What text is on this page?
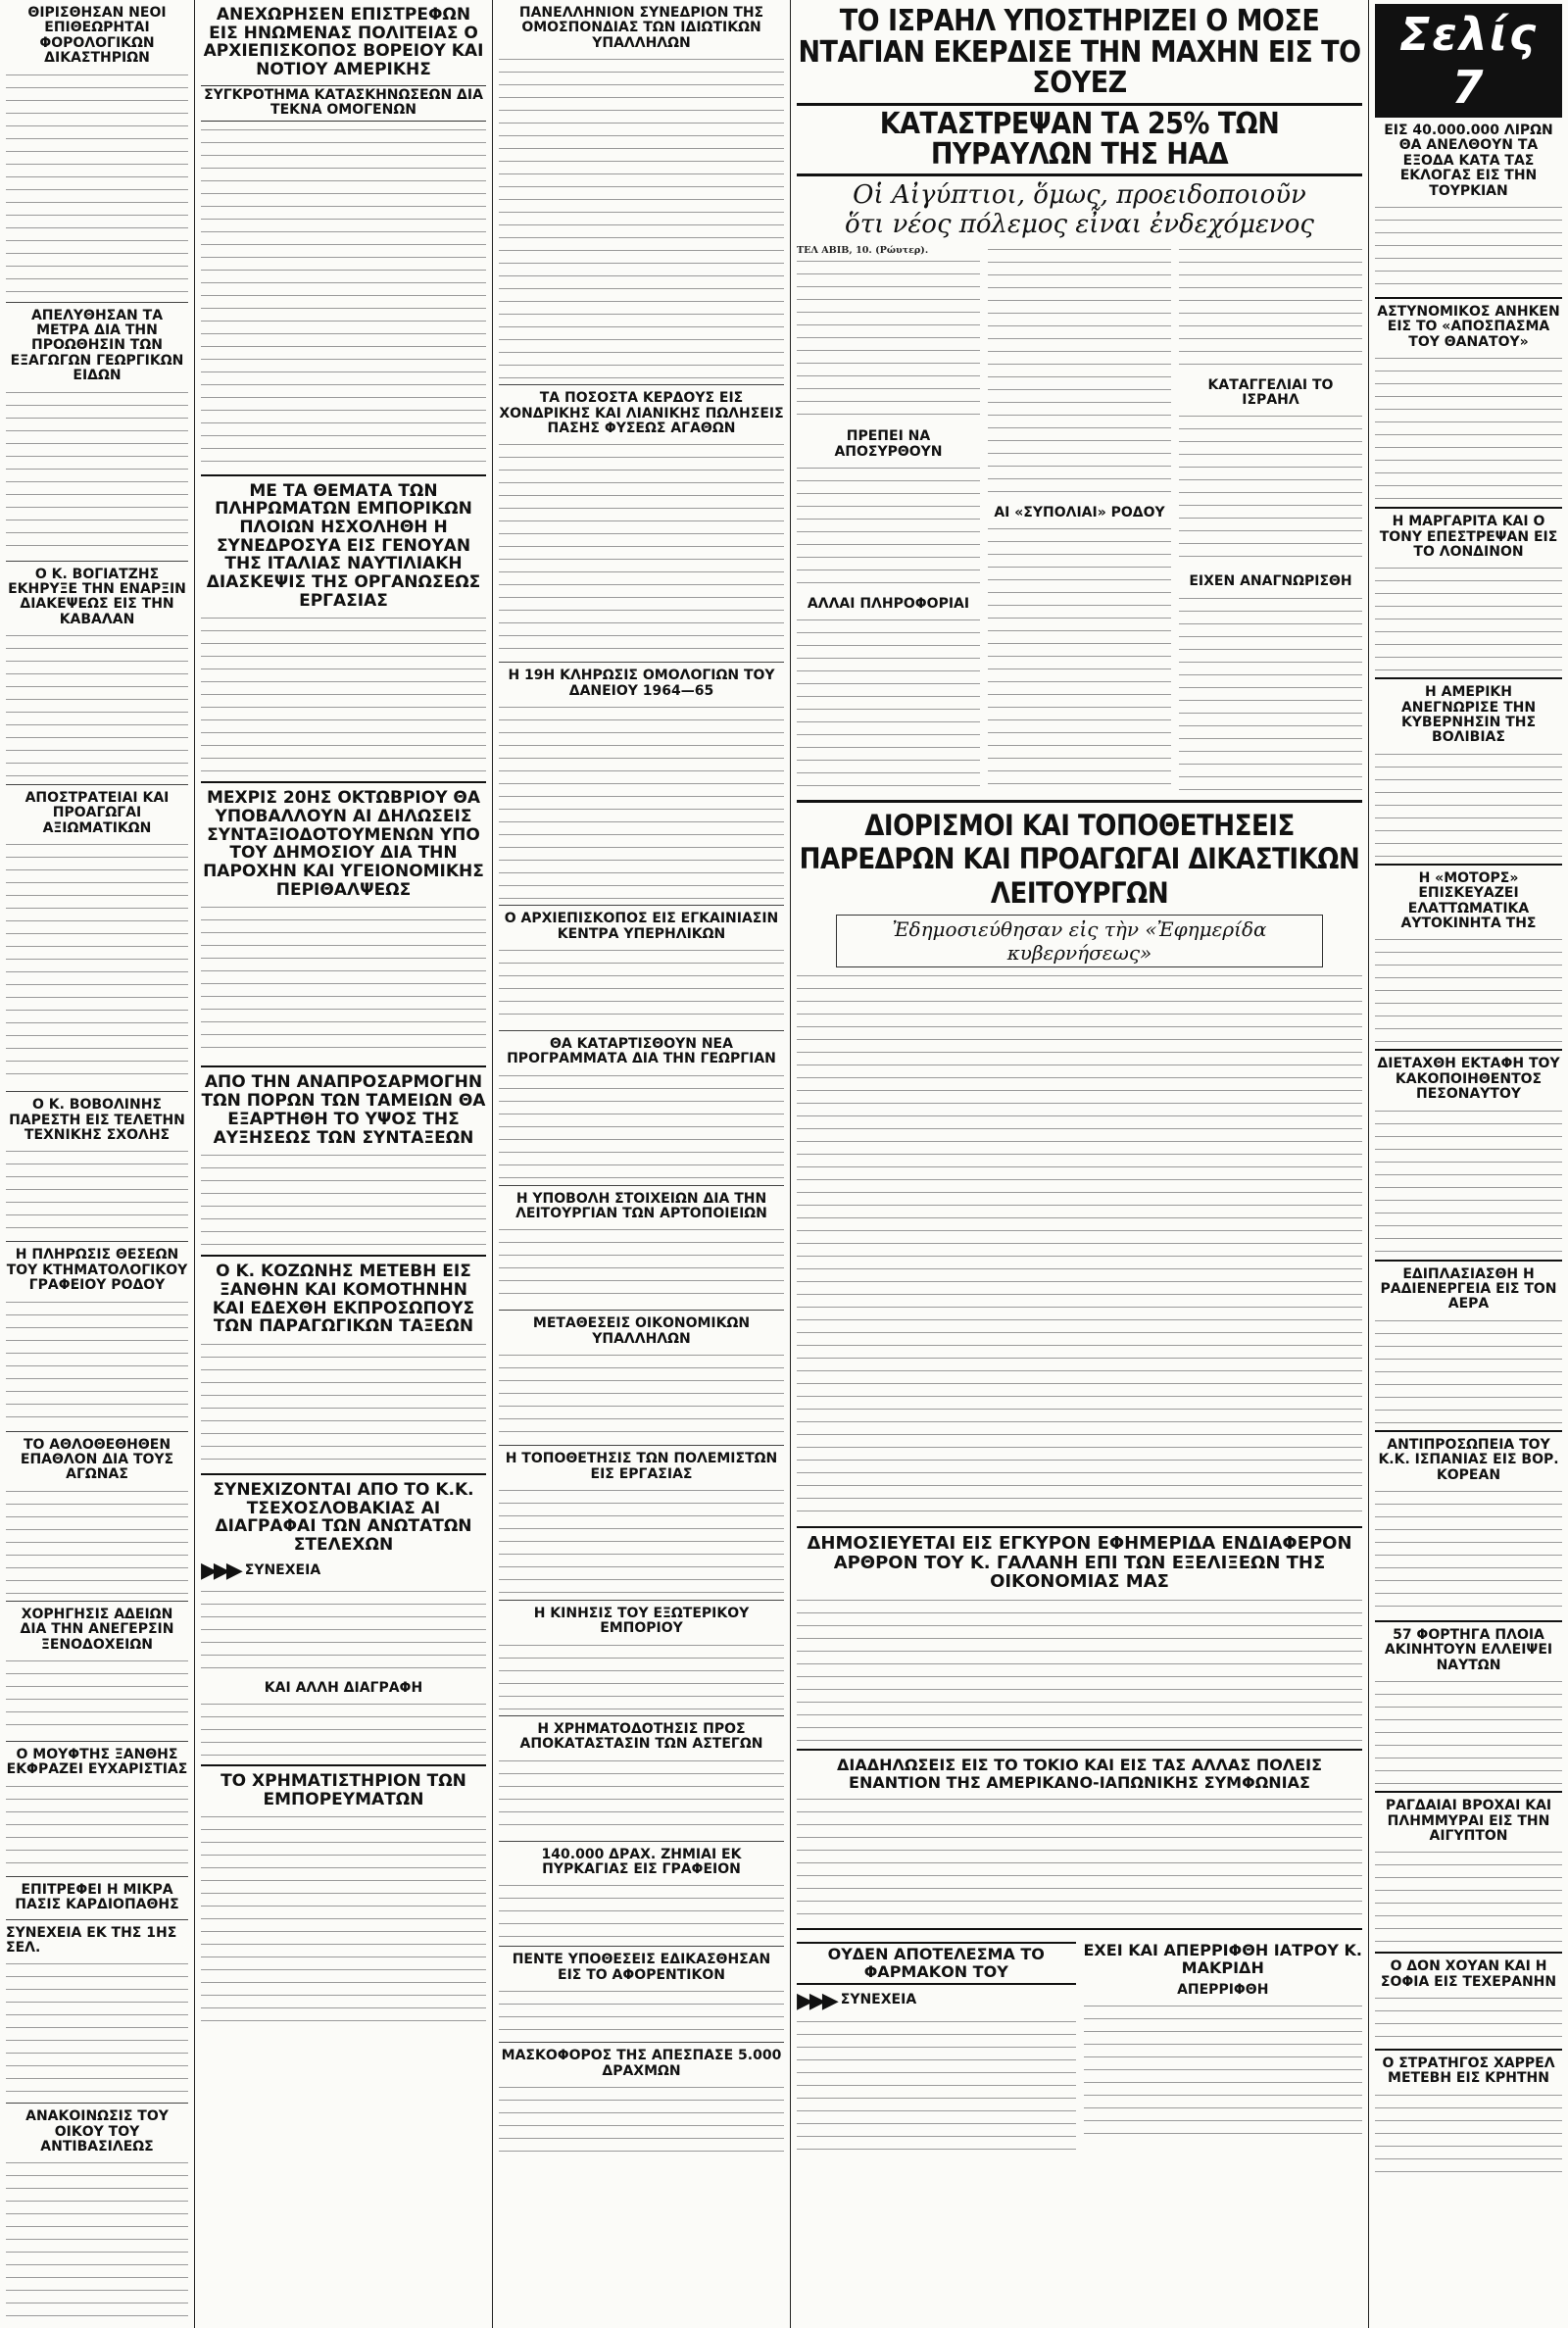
ΘΙΡΙΣΘΗΣΑΝ ΝΕΟΙ ΕΠΙΘΕΩΡΗΤΑΙ ΦΟΡΟΛΟΓΙΚΩΝ ΔΙΚΑΣΤΗΡΙΩΝ
ΑΠΕΛΥΘΗΣΑΝ ΤΑ ΜΕΤΡΑ ΔΙΑ ΤΗΝ ΠΡΟΩΘΗΣΙΝ ΤΩΝ ΕΞΑΓΩΓΩΝ ΓΕΩΡΓΙΚΩΝ ΕΙΔΩΝ
Ο Κ. ΒΟΓΙΑΤΖΗΣ ΕΚΗΡΥΞΕ ΤΗΝ ΕΝΑΡΞΙΝ ΔΙΑΚΕΨΕΩΣ ΕΙΣ ΤΗΝ ΚΑΒΑΛΑΝ
ΑΠΟΣΤΡΑΤΕΙΑΙ ΚΑΙ ΠΡΟΑΓΩΓΑΙ ΑΞΙΩΜΑΤΙΚΩΝ
Ο Κ. ΒΟΒΟΛΙΝΗΣ ΠΑΡΕΣΤΗ ΕΙΣ ΤΕΛΕΤΗΝ ΤΕΧΝΙΚΗΣ ΣΧΟΛΗΣ
Η ΠΛΗΡΩΣΙΣ ΘΕΣΕΩΝ ΤΟΥ ΚΤΗΜΑΤΟΛΟΓΙΚΟΥ ΓΡΑΦΕΙΟΥ ΡΟΔΟΥ
ΤΟ ΑΘΛΟΘΕΘΗΘΕΝ ΕΠΑΘΛΟΝ ΔΙΑ ΤΟΥΣ ΑΓΩΝΑΣ
ΧΟΡΗΓΗΣΙΣ ΑΔΕΙΩΝ ΔΙΑ ΤΗΝ ΑΝΕΓΕΡΣΙΝ ΞΕΝΟΔΟΧΕΙΩΝ
Ο ΜΟΥΦΤΗΣ ΞΑΝΘΗΣ ΕΚΦΡΑΖΕΙ ΕΥΧΑΡΙΣΤΙΑΣ
ΕΠΙΤΡΕΦΕΙ Η ΜΙΚΡΑ ΠΑΣΙΣ ΚΑΡΔΙΟΠΑΘΗΣ
ΣΥΝΕΧΕΙΑ ΕΚ ΤΗΣ 1ΗΣ ΣΕΛ.
ΑΝΑΚΟΙΝΩΣΙΣ ΤΟΥ ΟΙΚΟΥ ΤΟΥ ΑΝΤΙΒΑΣΙΛΕΩΣ
ΑΝΕΧΩΡΗΣΕΝ ΕΠΙΣΤΡΕΦΩΝ ΕΙΣ ΗΝΩΜΕΝΑΣ ΠΟΛΙΤΕΙΑΣ Ο ΑΡΧΙΕΠΙΣΚΟΠΟΣ ΒΟΡΕΙΟΥ ΚΑΙ ΝΟΤΙΟΥ ΑΜΕΡΙΚΗΣ
ΣΥΓΚΡΟΤΗΜΑ ΚΑΤΑΣΚΗΝΩΣΕΩΝ ΔΙΑ ΤΕΚΝΑ ΟΜΟΓΕΝΩΝ
ΜΕ ΤΑ ΘΕΜΑΤΑ ΤΩΝ ΠΛΗΡΩΜΑΤΩΝ ΕΜΠΟΡΙΚΩΝ ΠΛΟΙΩΝ ΗΣΧΟΛΗΘΗ Η ΣΥΝΕΔΡΟΣΥΑ ΕΙΣ ΓΕΝΟΥΑΝ ΤΗΣ ΙΤΑΛΙΑΣ ΝΑΥΤΙΛΙΑΚΗ ΔΙΑΣΚΕΨΙΣ ΤΗΣ ΟΡΓΑΝΩΣΕΩΣ ΕΡΓΑΣΙΑΣ
ΜΕΧΡΙΣ 20ΗΣ ΟΚΤΩΒΡΙΟΥ ΘΑ ΥΠΟΒΑΛΛΟΥΝ ΑΙ ΔΗΛΩΣΕΙΣ ΣΥΝΤΑΞΙΟΔΟΤΟΥΜΕΝΩΝ ΥΠΟ ΤΟΥ ΔΗΜΟΣΙΟΥ ΔΙΑ ΤΗΝ ΠΑΡΟΧΗΝ ΚΑΙ ΥΓΕΙΟΝΟΜΙΚΗΣ ΠΕΡΙΘΑΛΨΕΩΣ
ΑΠΟ ΤΗΝ ΑΝΑΠΡΟΣΑΡΜΟΓΗΝ ΤΩΝ ΠΟΡΩΝ ΤΩΝ ΤΑΜΕΙΩΝ ΘΑ ΕΞΑΡΤΗΘΗ ΤΟ ΥΨΟΣ ΤΗΣ ΑΥΞΗΣΕΩΣ ΤΩΝ ΣΥΝΤΑΞΕΩΝ
Ο Κ. ΚΟΖΩΝΗΣ ΜΕΤΕΒΗ ΕΙΣ ΞΑΝΘΗΝ ΚΑΙ ΚΟΜΟΤΗΝΗΝ ΚΑΙ ΕΔΕΧΘΗ ΕΚΠΡΟΣΩΠΟΥΣ ΤΩΝ ΠΑΡΑΓΩΓΙΚΩΝ ΤΑΞΕΩΝ
ΣΥΝΕΧΙΖΟΝΤΑΙ ΑΠΟ ΤΟ Κ.Κ. ΤΣΕΧΟΣΛΟΒΑΚΙΑΣ ΑΙ ΔΙΑΓΡΑΦΑΙ ΤΩΝ ΑΝΩΤΑΤΩΝ ΣΤΕΛΕΧΩΝ
▶▶▶ ΣΥΝΕΧΕΙΑ
ΚΑΙ ΑΛΛΗ ΔΙΑΓΡΑΦΗ
ΤΟ ΧΡΗΜΑΤΙΣΤΗΡΙΟΝ ΤΩΝ ΕΜΠΟΡΕΥΜΑΤΩΝ
ΠΑΝΕΛΛΗΝΙΟΝ ΣΥΝΕΔΡΙΟΝ ΤΗΣ ΟΜΟΣΠΟΝΔΙΑΣ ΤΩΝ ΙΔΙΩΤΙΚΩΝ ΥΠΑΛΛΗΛΩΝ
ΤΑ ΠΟΣΟΣΤΑ ΚΕΡΔΟΥΣ ΕΙΣ ΧΟΝΔΡΙΚΗΣ ΚΑΙ ΛΙΑΝΙΚΗΣ ΠΩΛΗΣΕΙΣ ΠΑΣΗΣ ΦΥΣΕΩΣ ΑΓΑΘΩΝ
Η 19Η ΚΛΗΡΩΣΙΣ ΟΜΟΛΟΓΙΩΝ ΤΟΥ ΔΑΝΕΙΟΥ 1964—65
Ο ΑΡΧΙΕΠΙΣΚΟΠΟΣ ΕΙΣ ΕΓΚΑΙΝΙΑΣΙΝ ΚΕΝΤΡΑ ΥΠΕΡΗΛΙΚΩΝ
ΘΑ ΚΑΤΑΡΤΙΣΘΟΥΝ ΝΕΑ ΠΡΟΓΡΑΜΜΑΤΑ ΔΙΑ ΤΗΝ ΓΕΩΡΓΙΑΝ
Η ΥΠΟΒΟΛΗ ΣΤΟΙΧΕΙΩΝ ΔΙΑ ΤΗΝ ΛΕΙΤΟΥΡΓΙΑΝ ΤΩΝ ΑΡΤΟΠΟΙΕΙΩΝ
ΜΕΤΑΘΕΣΕΙΣ ΟΙΚΟΝΟΜΙΚΩΝ ΥΠΑΛΛΗΛΩΝ
Η ΤΟΠΟΘΕΤΗΣΙΣ ΤΩΝ ΠΟΛΕΜΙΣΤΩΝ ΕΙΣ ΕΡΓΑΣΙΑΣ
Η ΚΙΝΗΣΙΣ ΤΟΥ ΕΞΩΤΕΡΙΚΟΥ ΕΜΠΟΡΙΟΥ
Η ΧΡΗΜΑΤΟΔΟΤΗΣΙΣ ΠΡΟΣ ΑΠΟΚΑΤΑΣΤΑΣΙΝ ΤΩΝ ΑΣΤΕΓΩΝ
140.000 ΔΡΑΧ. ΖΗΜΙΑΙ ΕΚ ΠΥΡΚΑΓΙΑΣ ΕΙΣ ΓΡΑΦΕΙΟΝ
ΠΕΝΤΕ ΥΠΟΘΕΣΕΙΣ ΕΔΙΚΑΣΘΗΣΑΝ ΕΙΣ ΤΟ ΑΦΟΡΕΝΤΙΚΟΝ
ΜΑΣΚΟΦΟΡΟΣ ΤΗΣ ΑΠΕΣΠΑΣΕ 5.000 ΔΡΑΧΜΩΝ
ΤΟ ΙΣΡΑΗΛ ΥΠΟΣΤΗΡΙΖΕΙ Ο ΜΟΣΕ ΝΤΑΓΙΑΝ ΕΚΕΡΔΙΣΕ ΤΗΝ ΜΑΧΗΝ ΕΙΣ ΤΟ ΣΟΥΕΖ
ΚΑΤΑΣΤΡΕΨΑΝ ΤΑ 25% ΤΩΝ ΠΥΡΑΥΛΩΝ ΤΗΣ ΗΑΔ
Οἱ Αἰγύπτιοι, ὅμως, προειδοποιοῦν
ὅτι νέος πόλεμος εἶναι ἐνδεχόμενος
ΤΕΛ ΑΒΙΒ, 10. (Ρώυτερ).
ΠΡΕΠΕΙ ΝΑ ΑΠΟΣΥΡΘΟΥΝ
ΑΛΛΑΙ ΠΛΗΡΟΦΟΡΙΑΙ
ΑΙ «ΣΥΠΟΛΙΑΙ» ΡΟΔΟΥ
ΚΑΤΑΓΓΕΛΙΑΙ ΤΟ ΙΣΡΑΗΛ
ΕΙΧΕΝ ΑΝΑΓΝΩΡΙΣΘΗ
ΔΙΟΡΙΣΜΟΙ ΚΑΙ ΤΟΠΟΘΕΤΗΣΕΙΣ ΠΑΡΕΔΡΩΝ ΚΑΙ ΠΡΟΑΓΩΓΑΙ ΔΙΚΑΣΤΙΚΩΝ ΛΕΙΤΟΥΡΓΩΝ
Ἐδημοσιεύθησαν εἰς τὴν «Ἐφημερίδα κυβερνήσεως»
ΔΗΜΟΣΙΕΥΕΤΑΙ ΕΙΣ ΕΓΚΥΡΟΝ ΕΦΗΜΕΡΙΔΑ ΕΝΔΙΑΦΕΡΟΝ ΑΡΘΡΟΝ ΤΟΥ Κ. ΓΑΛΑΝΗ ΕΠΙ ΤΩΝ ΕΞΕΛΙΞΕΩΝ ΤΗΣ ΟΙΚΟΝΟΜΙΑΣ ΜΑΣ
ΔΙΑΔΗΛΩΣΕΙΣ ΕΙΣ ΤΟ ΤΟΚΙΟ ΚΑΙ ΕΙΣ ΤΑΣ ΑΛΛΑΣ ΠΟΛΕΙΣ ΕΝΑΝΤΙΟΝ ΤΗΣ ΑΜΕΡΙΚΑΝΟ-ΙΑΠΩΝΙΚΗΣ ΣΥΜΦΩΝΙΑΣ
ΟΥΔΕΝ ΑΠΟΤΕΛΕΣΜΑ ΤΟ ΦΑΡΜΑΚΟΝ ΤΟΥ
▶▶▶ ΣΥΝΕΧΕΙΑ
ΕΧΕΙ ΚΑΙ ΑΠΕΡΡΙΦΘΗ ΙΑΤΡΟΥ Κ. ΜΑΚΡΙΔΗ
ΑΠΕΡΡΙΦΘΗ
Σελίς 7
ΕΙΣ 40.000.000 ΛΙΡΩΝ ΘΑ ΑΝΕΛΘΟΥΝ ΤΑ ΕΞΟΔΑ ΚΑΤΑ ΤΑΣ ΕΚΛΟΓΑΣ ΕΙΣ ΤΗΝ ΤΟΥΡΚΙΑΝ
ΑΣΤΥΝΟΜΙΚΟΣ ΑΝΗΚΕΝ ΕΙΣ ΤΟ «ΑΠΟΣΠΑΣΜΑ ΤΟΥ ΘΑΝΑΤΟΥ»
Η ΜΑΡΓΑΡΙΤΑ ΚΑΙ Ο ΤΟΝΥ ΕΠΕΣΤΡΕΨΑΝ ΕΙΣ ΤΟ ΛΟΝΔΙΝΟΝ
Η ΑΜΕΡΙΚΗ ΑΝΕΓΝΩΡΙΣΕ ΤΗΝ ΚΥΒΕΡΝΗΣΙΝ ΤΗΣ ΒΟΛΙΒΙΑΣ
Η «ΜΟΤΟΡΣ» ΕΠΙΣΚΕΥΑΖΕΙ ΕΛΑΤΤΩΜΑΤΙΚΑ ΑΥΤΟΚΙΝΗΤΑ ΤΗΣ
ΔΙΕΤΑΧΘΗ ΕΚΤΑΦΗ ΤΟΥ ΚΑΚΟΠΟΙΗΘΕΝΤΟΣ ΠΕΣΟΝΑΥΤΟΥ
ΕΔΙΠΛΑΣΙΑΣΘΗ Η ΡΑΔΙΕΝΕΡΓΕΙΑ ΕΙΣ ΤΟΝ ΑΕΡΑ
ΑΝΤΙΠΡΟΣΩΠΕΙΑ ΤΟΥ Κ.Κ. ΙΣΠΑΝΙΑΣ ΕΙΣ ΒΟΡ. ΚΟΡΕΑΝ
57 ΦΟΡΤΗΓΑ ΠΛΟΙΑ ΑΚΙΝΗΤΟΥΝ ΕΛΛΕΙΨΕΙ ΝΑΥΤΩΝ
ΡΑΓΔΑΙΑΙ ΒΡΟΧΑΙ ΚΑΙ ΠΛΗΜΜΥΡΑΙ ΕΙΣ ΤΗΝ ΑΙΓΥΠΤΟΝ
Ο ΔΟΝ ΧΟΥΑΝ ΚΑΙ Η ΣΟΦΙΑ ΕΙΣ ΤΕΧΕΡΑΝΗΝ
Ο ΣΤΡΑΤΗΓΟΣ ΧΑΡΡΕΛ ΜΕΤΕΒΗ ΕΙΣ ΚΡΗΤΗΝ
